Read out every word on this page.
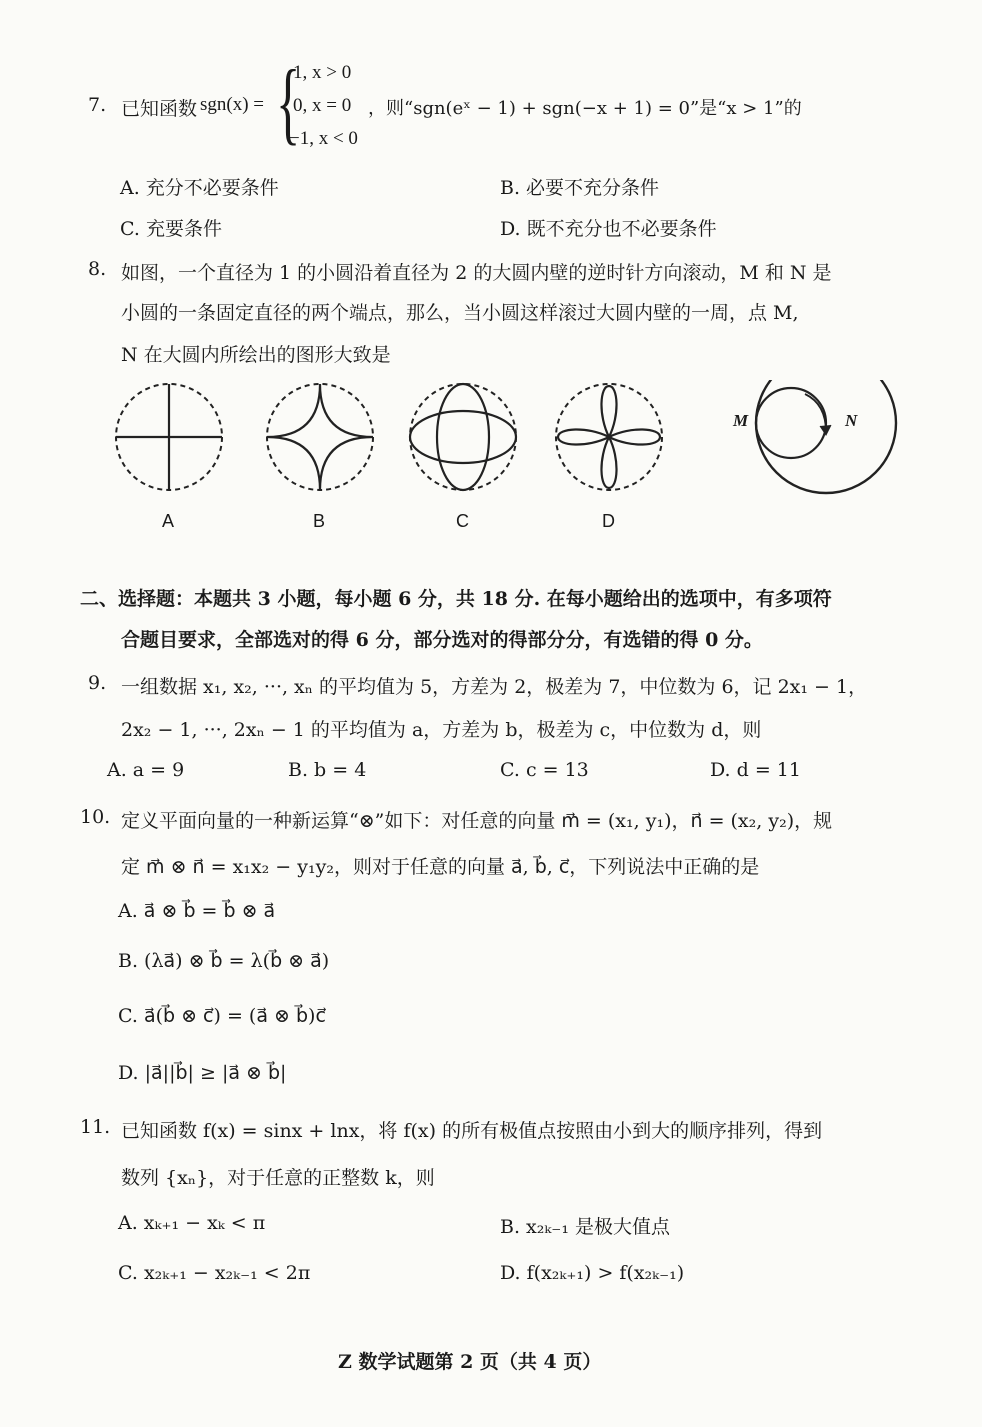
7. 已知函数 sgn(x) = {
1, x > 0
0, x = 0
−1, x < 0
，则“sgn(eˣ − 1) + sgn(−x + 1) = 0”是“x > 1”的
A. 充分不必要条件	B. 必要不充分条件
C. 充要条件	D. 既不充分也不必要条件
8. 如图，一个直径为 1 的小圆沿着直径为 2 的大圆内壁的逆时针方向滚动，M 和 N 是
小圆的一条固定直径的两个端点，那么，当小圆这样滚过大圆内壁的一周，点 M,
N 在大圆内所绘出的图形大致是
M	N
A	B	C	D
二、选择题：本题共 3 小题，每小题 6 分，共 18 分. 在每小题给出的选项中，有多项符
合题目要求，全部选对的得 6 分，部分选对的得部分分，有选错的得 0 分。
9. 一组数据 x₁, x₂, ···, xₙ 的平均值为 5，方差为 2，极差为 7，中位数为 6，记 2x₁ − 1，
2x₂ − 1, ···, 2xₙ − 1 的平均值为 a，方差为 b，极差为 c，中位数为 d，则
A. a = 9	B. b = 4	C. c = 13	D. d = 11
10. 定义平面向量的一种新运算“⊗”如下：对任意的向量 m⃗ = (x₁, y₁)，n⃗ = (x₂, y₂)，规
定 m⃗ ⊗ n⃗ = x₁x₂ − y₁y₂，则对于任意的向量 a⃗, b⃗, c⃗，下列说法中正确的是
A. a⃗ ⊗ b⃗ = b⃗ ⊗ a⃗
B. (λa⃗) ⊗ b⃗ = λ(b⃗ ⊗ a⃗)
C. a⃗(b⃗ ⊗ c⃗) = (a⃗ ⊗ b⃗)c⃗
D. |a⃗||b⃗| ≥ |a⃗ ⊗ b⃗|
11. 已知函数 f(x) = sinx + lnx，将 f(x) 的所有极值点按照由小到大的顺序排列，得到
数列 {xₙ}，对于任意的正整数 k，则
A. xₖ₊₁ − xₖ < π	B. x₂ₖ₋₁ 是极大值点
C. x₂ₖ₊₁ − x₂ₖ₋₁ < 2π	D. f(x₂ₖ₊₁) > f(x₂ₖ₋₁)
Z 数学试题第 2 页（共 4 页）
